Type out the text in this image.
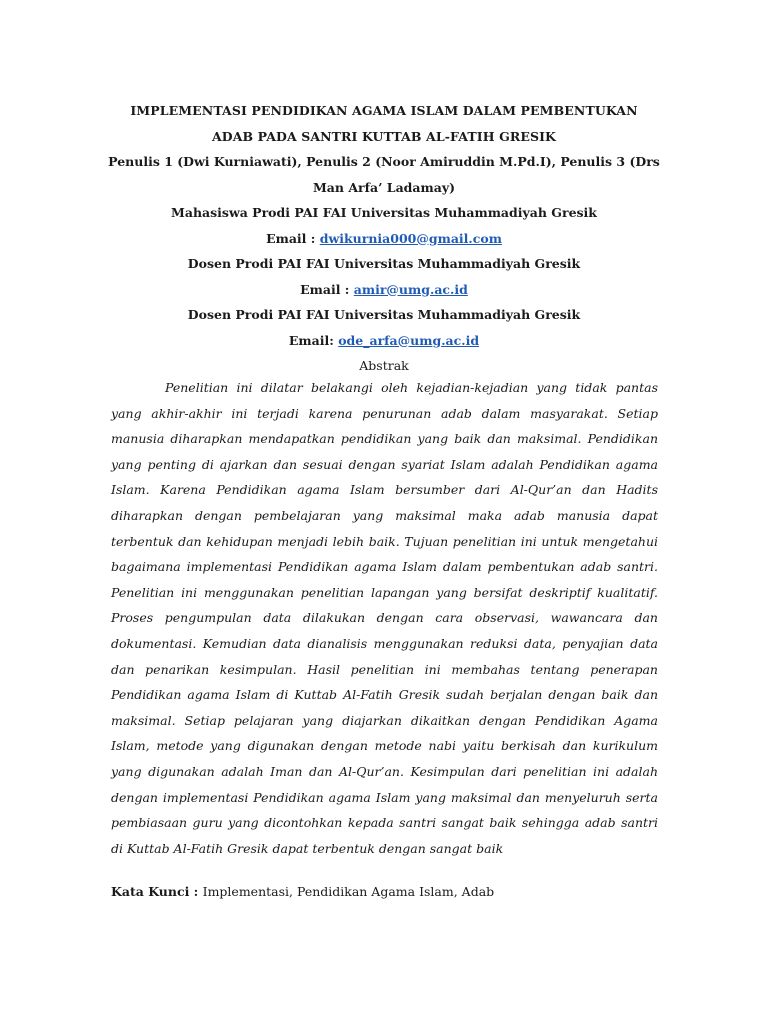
IMPLEMENTASI PENDIDIKAN AGAMA ISLAM DALAM PEMBENTUKAN
ADAB PADA SANTRI KUTTAB AL-FATIH GRESIK
Penulis 1 (Dwi Kurniawati), Penulis 2 (Noor Amiruddin M.Pd.I), Penulis 3 (Drs
Man Arfa’ Ladamay)
Mahasiswa Prodi PAI FAI Universitas Muhammadiyah Gresik
Email : dwikurnia000@gmail.com
Dosen Prodi PAI FAI Universitas Muhammadiyah Gresik
Email : amir@umg.ac.id
Dosen Prodi PAI FAI Universitas Muhammadiyah Gresik
Email: ode_arfa@umg.ac.id
Abstrak

Penelitian ini dilatar belakangi oleh kejadian-kejadian yang tidak pantas yang akhir-akhir ini terjadi karena penurunan adab dalam masyarakat. Setiap manusia diharapkan mendapatkan pendidikan yang baik dan maksimal. Pendidikan yang penting di ajarkan dan sesuai dengan syariat Islam adalah Pendidikan agama Islam. Karena Pendidikan agama Islam bersumber dari Al-Qur’an dan Hadits diharapkan dengan pembelajaran yang maksimal maka adab manusia dapat terbentuk dan kehidupan menjadi lebih baik. Tujuan penelitian ini untuk mengetahui bagaimana implementasi Pendidikan agama Islam dalam pembentukan adab santri. Penelitian ini menggunakan penelitian lapangan yang bersifat deskriptif kualitatif. Proses pengumpulan data dilakukan dengan cara observasi, wawancara dan dokumentasi. Kemudian data dianalisis menggunakan reduksi data, penyajian data dan penarikan kesimpulan. Hasil penelitian ini membahas tentang penerapan Pendidikan agama Islam di Kuttab Al-Fatih Gresik sudah berjalan dengan baik dan maksimal. Setiap pelajaran yang diajarkan dikaitkan dengan Pendidikan Agama Islam, metode yang digunakan dengan metode nabi yaitu berkisah dan kurikulum yang digunakan adalah Iman dan Al-Qur’an. Kesimpulan dari penelitian ini adalah dengan implementasi Pendidikan agama Islam yang maksimal dan menyeluruh serta pembiasaan guru yang dicontohkan kepada santri sangat baik sehingga adab santri di Kuttab Al-Fatih Gresik dapat terbentuk dengan sangat baik

Kata Kunci : Implementasi, Pendidikan Agama Islam, Adab
